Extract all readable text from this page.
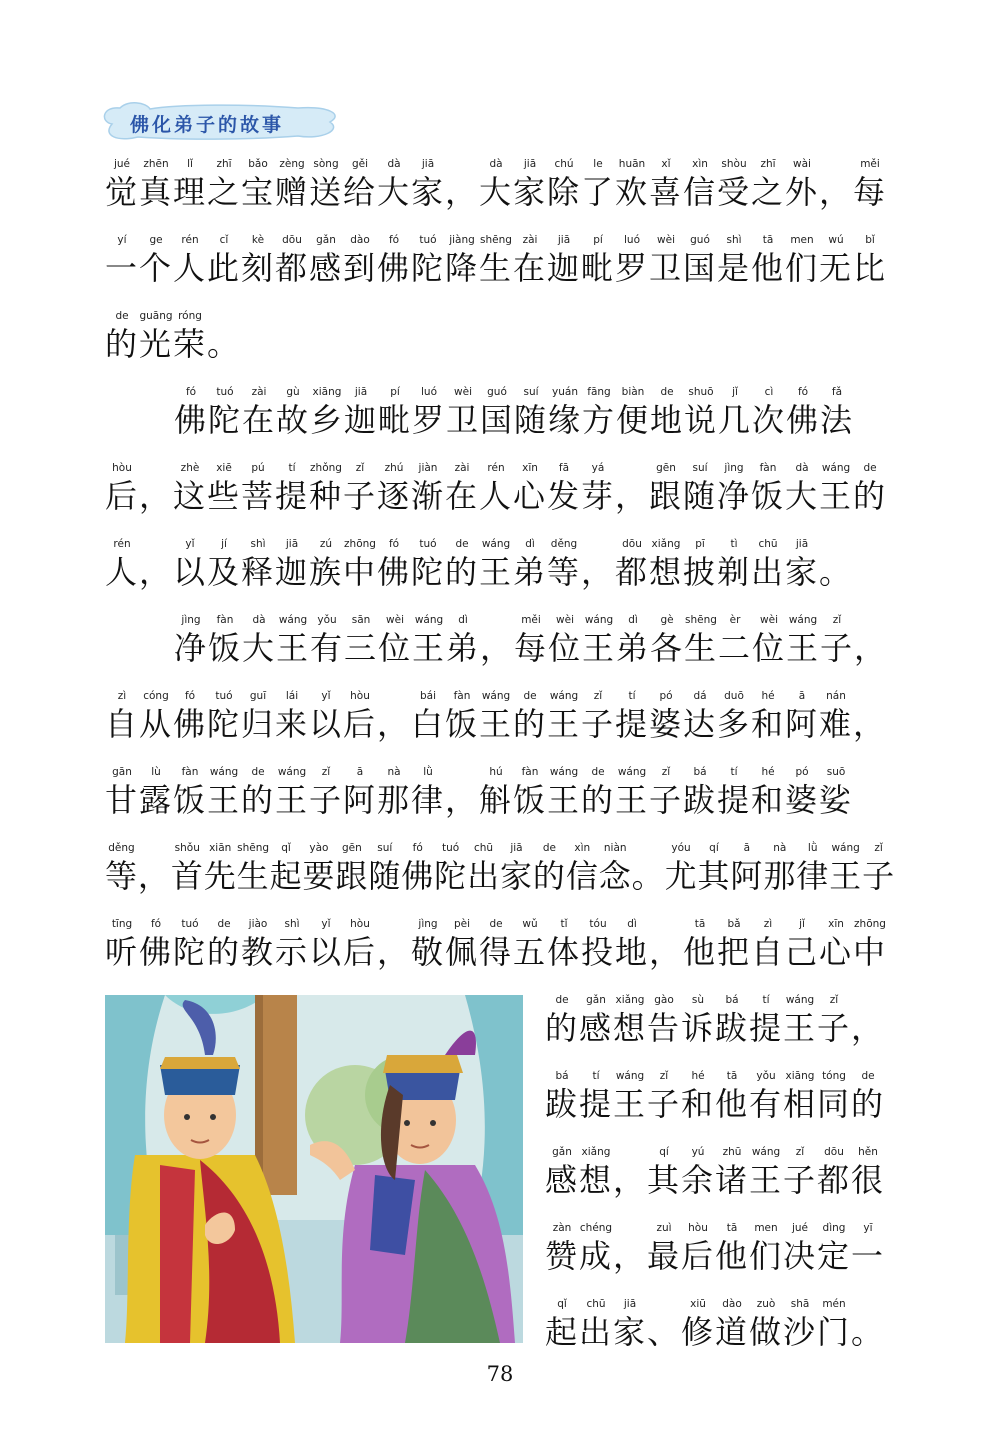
佛化弟子的故事
jué zhēn lǐ zhī bǎo zèng sòng gěi dà jiā	dà jiā chú le huān xǐ xìn shòu zhī wài	měi
觉真理之宝赠送给大家，大家除了欢喜信受之外，每
yí ge rén cǐ kè dōu gǎn dào fó tuó jiàng shēng zài jiā pí luó wèi guó shì tā men wú bǐ
一个人此刻都感到佛陀降生在迦毗罗卫国是他们无比
de guāng róng
的光荣。
fó tuó zài gù xiāng jiā pí luó wèi guó suí yuán fāng biàn de shuō jǐ	cì fó fǎ
佛陀在故乡迦毗罗卫国随缘方便地说几次佛法
hòu	zhè xiē pú tí zhǒng zǐ zhú jiàn zài rén xīn fā yá	gēn suí jìng fàn dà wáng de
后，这些菩提种子逐渐在人心发芽，跟随净饭大王的
rén	yǐ	jí shì jiā zú zhōng fó tuó de wáng dì děng	dōu xiǎng pī tì chū jiā
人，以及释迦族中佛陀的王弟等，都想披剃出家。
jìng fàn dà wáng yǒu sān wèi wáng dì	měi wèi wáng dì gè shēng èr wèi wáng zǐ
净饭大王有三位王弟，每位王弟各生二位王子，
zì cóng fó tuó guī lái yǐ hòu	bái fàn wáng de wáng zǐ	tí pó dá duō hé ā nán
自从佛陀归来以后，白饭王的王子提婆达多和阿难，
gān lù fàn wáng de wáng zǐ	ā nà lǜ	hú fàn wáng de wáng zǐ bá tí hé pó suō
甘露饭王的王子阿那律，斛饭王的王子跋提和婆娑
děng	shǒu xiān shēng qǐ yào gēn suí fó tuó chū jiā de xìn niàn	yóu qí ā nà lǜ wáng zǐ
等，首先生起要跟随佛陀出家的信念。尤其阿那律王子
tīng fó tuó de jiào shì yǐ hòu	jìng pèi de wǔ tǐ tóu dì	tā bǎ zì	jǐ xīn zhōng
听佛陀的教示以后，敬佩得五体投地，他把自己心中
de gǎn xiǎng gào sù bá tí wáng zǐ
的感想告诉跋提王子，
bá tí wáng zǐ hé tā yǒu xiāng tóng de
跋提王子和他有相同的
gǎn xiǎng	qí yú zhū wáng zǐ dōu hěn
感想，其余诸王子都很
zàn chéng	zuì hòu tā men jué dìng yī
赞成，最后他们决定一
qǐ chū jiā	xiū dào zuò shā mén
起出家、修道做沙门。
78
